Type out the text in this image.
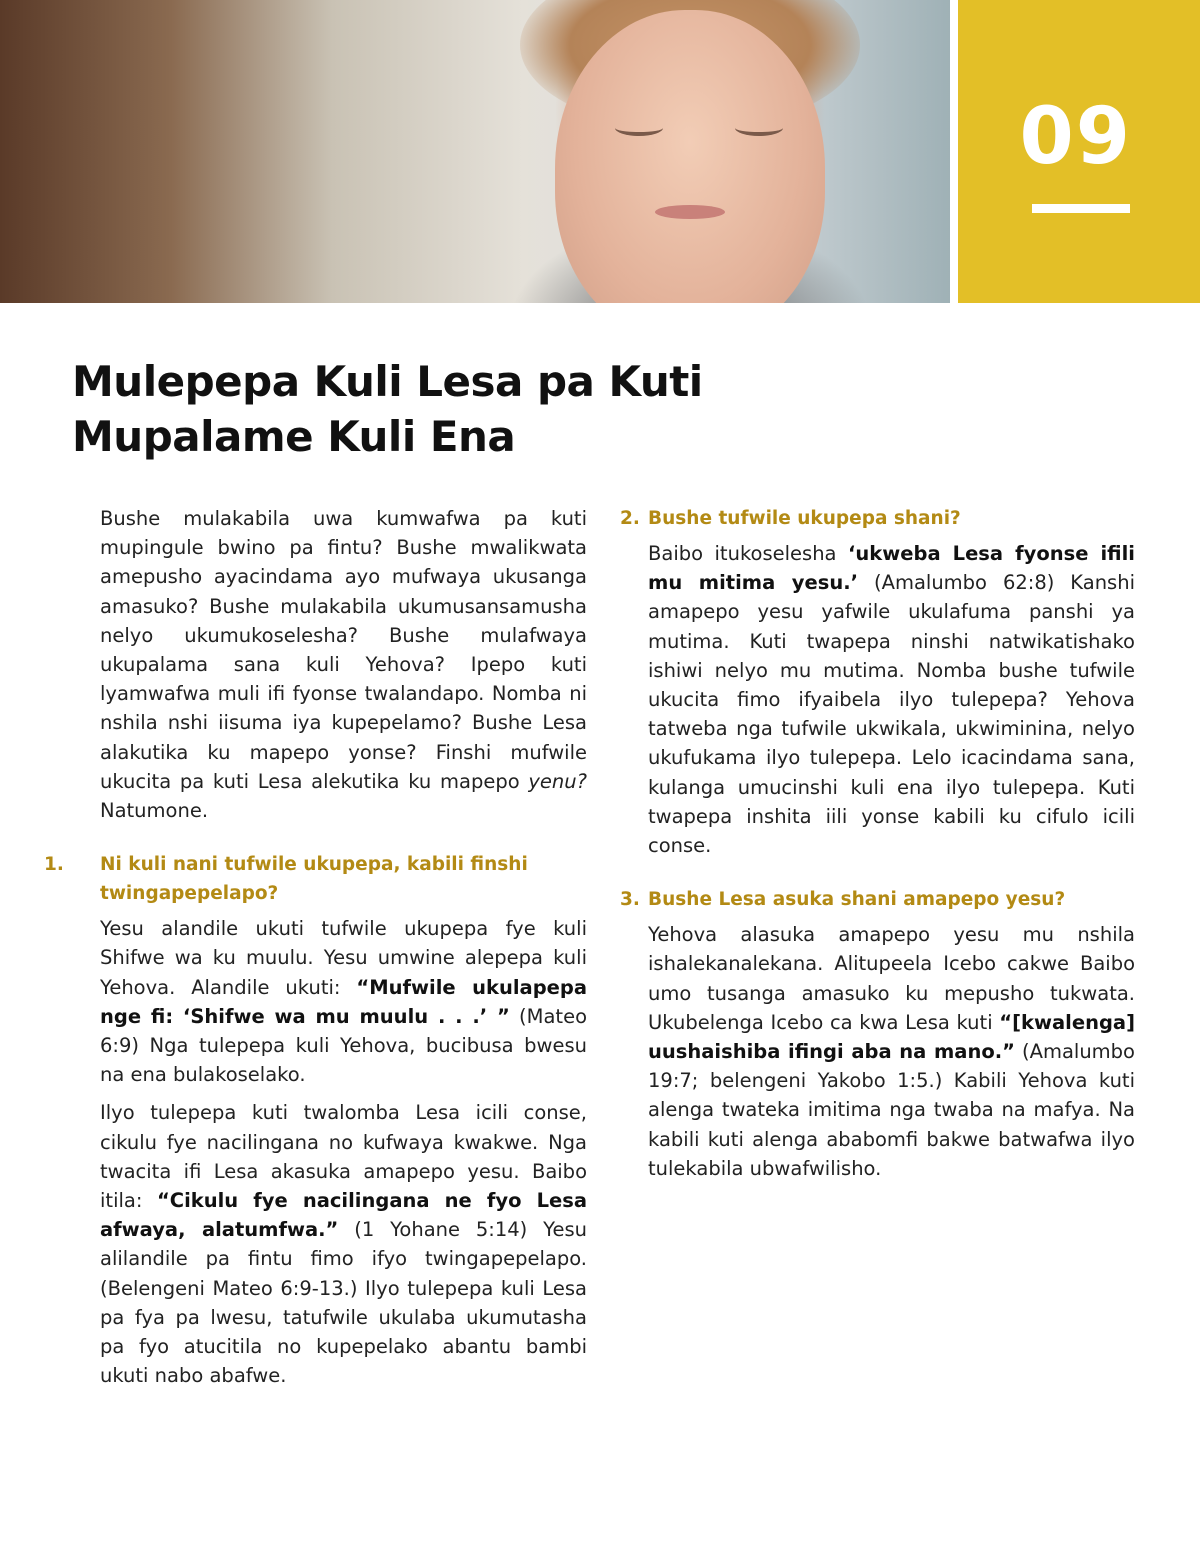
09
Mulepepa Kuli Lesa pa Kuti
Mupalame Kuli Ena

Bushe mulakabila uwa kumwafwa pa kuti mupingule bwino pa fintu? Bushe mwalikwata amepusho ayacindama ayo mufwaya ukusanga amasuko? Bushe mulakabila ukumusansamusha nelyo ukumukoselesha? Bushe mulafwaya ukupalama sana kuli Yehova? Ipepo kuti lyamwafwa muli ifi fyonse twalandapo. Nomba ni nshila nshi iisuma iya kupepelamo? Bushe Lesa alakutika ku mapepo yonse? Finshi mufwile ukucita pa kuti Lesa alekutika ku mapepo yenu? Natumone.

1. Ni kuli nani tufwile ukupepa, kabili finshi twingapepelapo?

Yesu alandile ukuti tufwile ukupepa fye kuli Shifwe wa ku muulu. Yesu umwine alepepa kuli Yehova. Alandile ukuti: “Mufwile ukulapepa nge fi: ‘Shifwe wa mu muulu . . .’ ” (Mateo 6:9) Nga tulepepa kuli Yehova, bucibusa bwesu na ena bulakoselako.

Ilyo tulepepa kuti twalomba Lesa icili conse, cikulu fye nacilingana no kufwaya kwakwe. Nga twacita ifi Lesa akasuka amapepo yesu. Baibo itila: “Cikulu fye nacilingana ne fyo Lesa afwaya, alatumfwa.” (1 Yohane 5:14) Yesu alilandile pa fintu fimo ifyo twingapepelapo. (Belengeni Mateo 6:9-13.) Ilyo tulepepa kuli Lesa pa fya pa lwesu, tatufwile ukulaba ukumutasha pa fyo atucitila no kupepelako abantu bambi ukuti nabo abafwe.

2. Bushe tufwile ukupepa shani?

Baibo itukoselesha ‘ukweba Lesa fyonse ifili mu mitima yesu.’ (Amalumbo 62:8) Kanshi amapepo yesu yafwile ukulafuma panshi ya mutima. Kuti twapepa ninshi natwikatishako ishiwi nelyo mu mutima. Nomba bushe tufwile ukucita fimo ifyaibela ilyo tulepepa? Yehova tatweba nga tufwile ukwikala, ukwiminina, nelyo ukufukama ilyo tulepepa. Lelo icacindama sana, kulanga umucinshi kuli ena ilyo tulepepa. Kuti twapepa inshita iili yonse kabili ku cifulo icili conse.

3. Bushe Lesa asuka shani amapepo yesu?

Yehova alasuka amapepo yesu mu nshila ishalekanalekana. Alitupeela Icebo cakwe Baibo umo tusanga amasuko ku mepusho tukwata. Ukubelenga Icebo ca kwa Lesa kuti “[kwalenga] uushaishiba ifingi aba na mano.” (Amalumbo 19:7; belengeni Yakobo 1:5.) Kabili Yehova kuti alenga twateka imitima nga twaba na mafya. Na kabili kuti alenga ababomfi bakwe batwafwa ilyo tulekabila ubwafwilisho.
